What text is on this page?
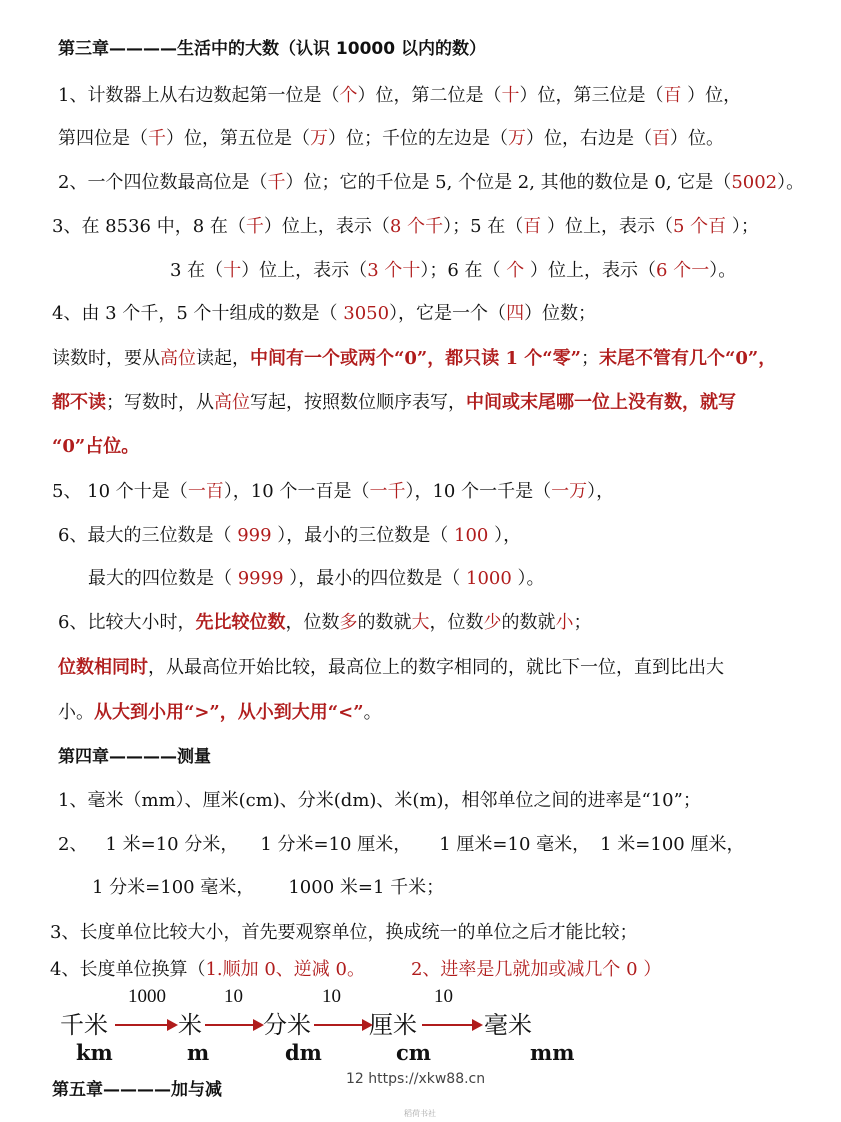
第三章————生活中的大数（认识 10000 以内的数）
1、计数器上从右边数起第一位是（个）位，第二位是（十）位，第三位是（百 ）位，
第四位是（千）位，第五位是（万）位；千位的左边是（万）位，右边是（百）位。
2、一个四位数最高位是（千）位；它的千位是 5, 个位是 2, 其他的数位是 0, 它是（5002）。
3、在 8536 中，8 在（千）位上，表示（8 个千）；5 在（百 ）位上，表示（5 个百 ）；
3 在（十）位上，表示（3 个十）；6 在（ 个 ）位上，表示（6 个一）。
4、由 3 个千，5 个十组成的数是（ 3050），它是一个（四）位数；
读数时，要从高位读起，中间有一个或两个“0”，都只读 1 个“零”；末尾不管有几个“0”，
都不读；写数时，从高位写起，按照数位顺序表写，中间或末尾哪一位上没有数，就写
“0”占位。
5、 10 个十是（一百），10 个一百是（一千），10 个一千是（一万），
6、最大的三位数是（ 999 ），最小的三位数是（ 100 ），
最大的四位数是（ 9999 ），最小的四位数是（ 1000 ）。
6、比较大小时，先比较位数，位数多的数就大，位数少的数就小；
位数相同时，从最高位开始比较，最高位上的数字相同的，就比下一位，直到比出大
小。从大到小用“>”，从小到大用“<”。
第四章————测量
1、毫米（mm）、厘米(cm)、分米(dm)、米(m)，相邻单位之间的进率是“10”；
2、 1 米=10 分米， 1 分米=10 厘米， 1 厘米=10 毫米， 1 米=100 厘米，
1 分米=100 毫米， 1000 米=1 千米；
3、长度单位比较大小，首先要观察单位，换成统一的单位之后才能比较；
4、长度单位换算（1.顺加 0、逆减 0。	2、进率是几就加或减几个 0 ）
1000	10	10	10
千米	米	分米 厘米	毫米
km	m	dm	cm	mm
第五章————加与减
12 https://xkw88.cn
稻荷书社
